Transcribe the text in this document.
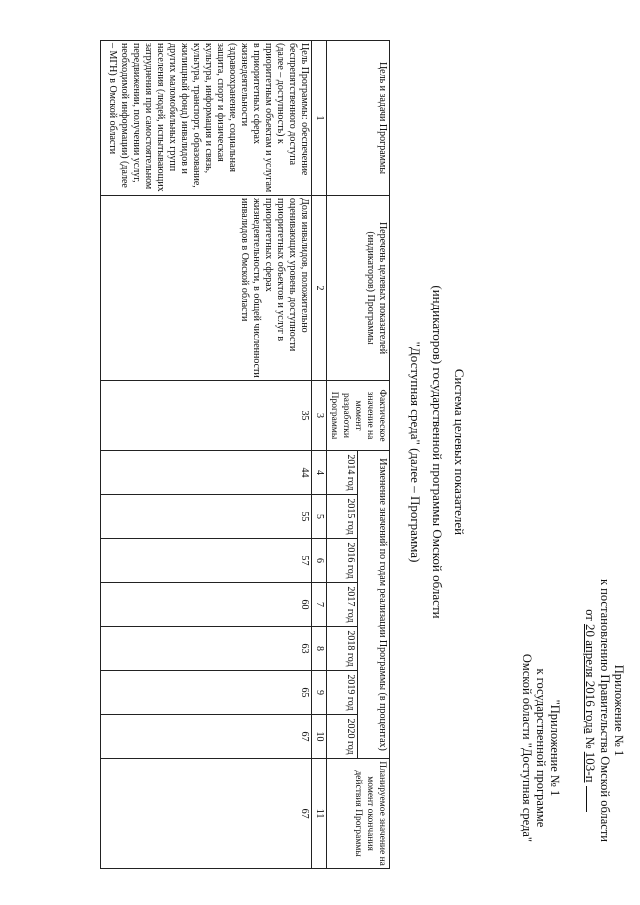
Приложение № 1
к постановлению Правительства Омской области
от 20 апреля 2016 года № 103-п
"Приложение № 1
к государственной программе
Омской области "Доступная среда"
Система целевых показателей
(индикаторов) государственной программы Омской области
"Доступная среда" (далее – Программа)
Цель и задачи Программы	Перечень целевых показателей (индикаторов) Программы	Фактическое значение на момент разработки Программы	Изменение значений по годам реализации Программы (в процентах)							Планируемое значение на момент окончания действия Программы
			2014 год	2015 год	2016 год	2017 год	2018 год	2019 год	2020 год	
1	2	3	4	5	6	7	8	9	10	11
Цель Программы: обеспечение беспрепятственного доступа (далее – доступность) к приоритетным объектам и услугам в приоритетных сферах жизнедеятельности (здравоохранение, социальная защита, спорт и физическая культура, информация и связь, культура, транспорт, образование, жилищный фонд) инвалидов и других маломобильных групп населения (людей, испытывающих затруднения при самостоятельном передвижении, получении услуг, необходимой информации) (далее – МГН) в Омской области	Доля инвалидов, положительно оценивающих уровень доступности приоритетных объектов и услуг в приоритетных сферах жизнедеятельности, в общей численности инвалидов в Омской области	35	44	55	57	60	63	65	67	67
